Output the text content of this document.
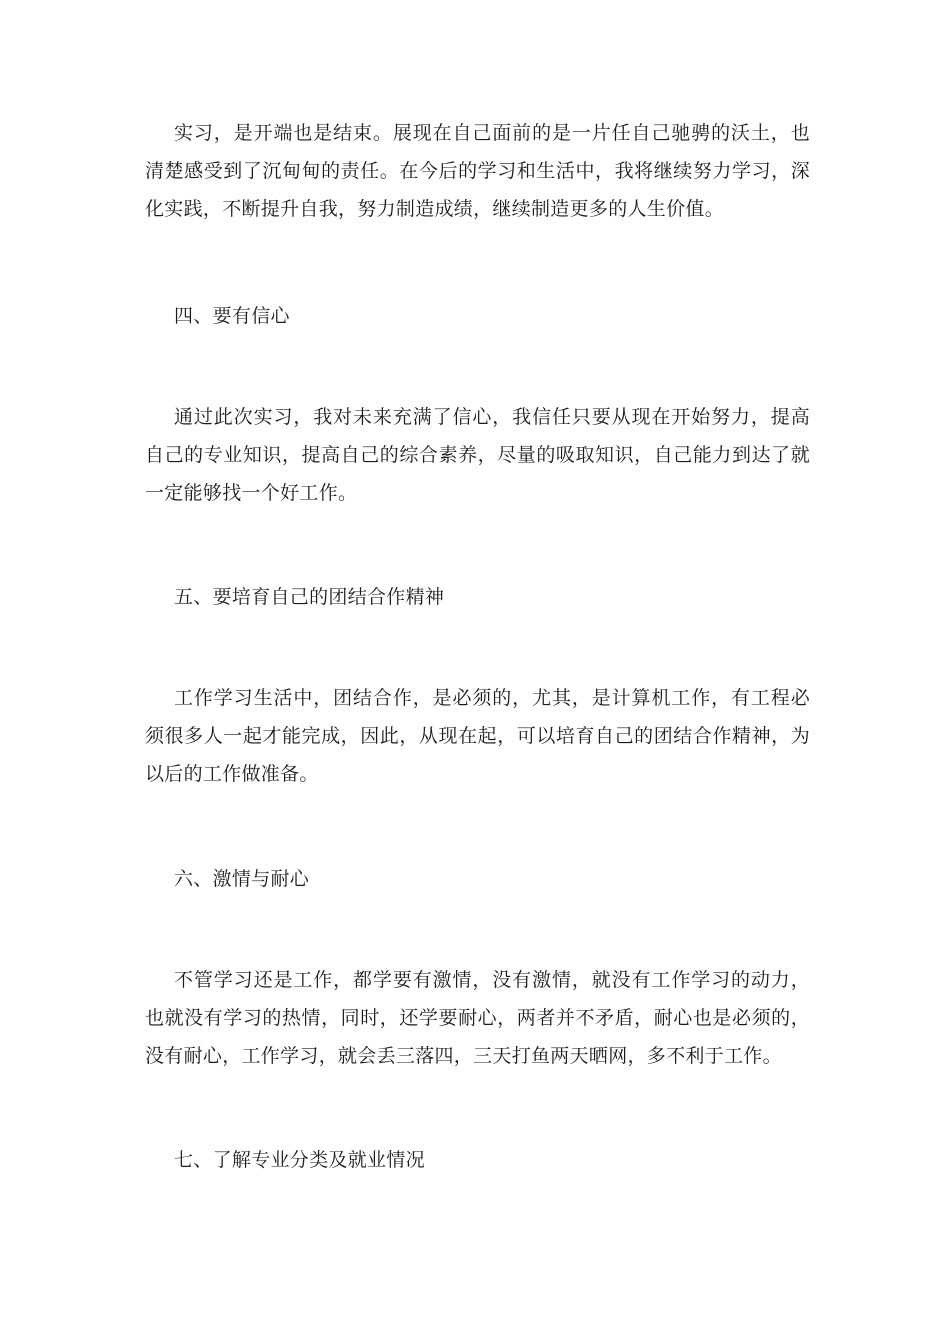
实习，是开端也是结束。展现在自己面前的是一片任自己驰骋的沃土，也清楚感受到了沉甸甸的责任。在今后的学习和生活中，我将继续努力学习，深化实践，不断提升自我，努力制造成绩，继续制造更多的人生价值。

四、要有信心

通过此次实习，我对未来充满了信心，我信任只要从现在开始努力，提高自己的专业知识，提高自己的综合素养，尽量的吸取知识，自己能力到达了就一定能够找一个好工作。

五、要培育自己的团结合作精神

工作学习生活中，团结合作，是必须的，尤其，是计算机工作，有工程必须很多人一起才能完成，因此，从现在起，可以培育自己的团结合作精神，为以后的工作做准备。

六、激情与耐心

不管学习还是工作，都学要有激情，没有激情，就没有工作学习的动力，也就没有学习的热情，同时，还学要耐心，两者并不矛盾，耐心也是必须的，没有耐心，工作学习，就会丢三落四，三天打鱼两天晒网，多不利于工作。

七、了解专业分类及就业情况
